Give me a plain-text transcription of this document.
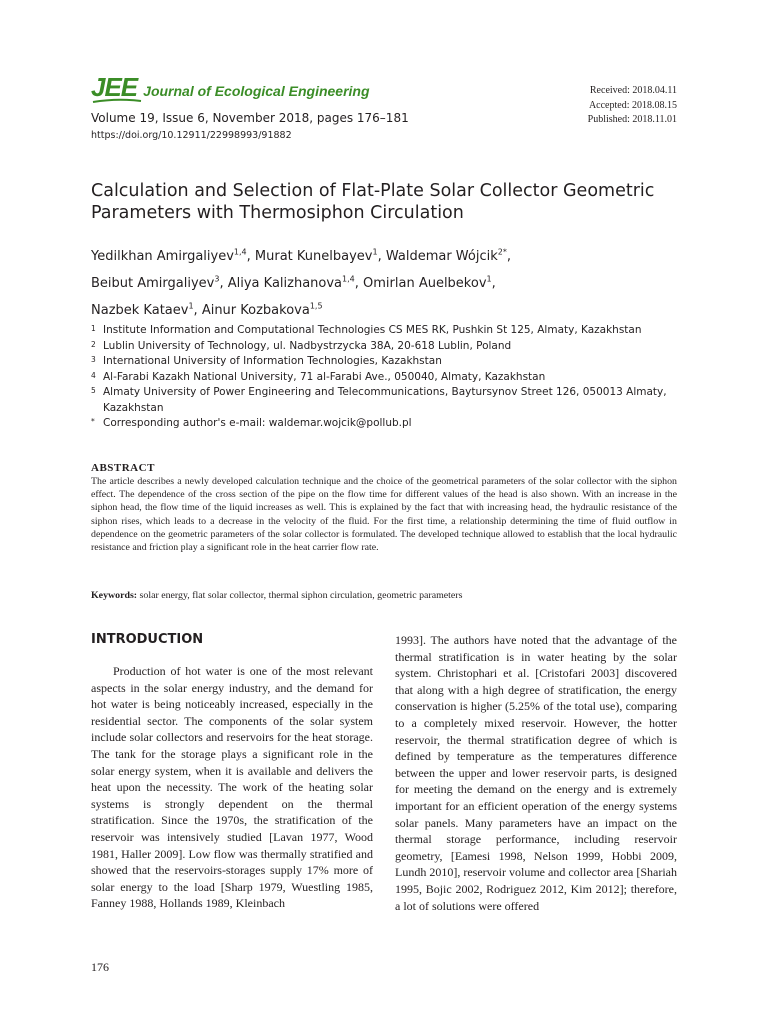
JEE Journal of Ecological Engineering
Volume 19, Issue 6, November 2018, pages 176–181
https://doi.org/10.12911/22998993/91882
Received: 2018.04.11
Accepted: 2018.08.15
Published: 2018.11.01
Calculation and Selection of Flat-Plate Solar Collector Geometric Parameters with Thermosiphon Circulation
Yedilkhan Amirgaliyev$^{1,4}$, Murat Kunelbayev$^1$, Waldemar Wójcik$^{2*}$,
Beibut Amirgaliyev$^3$, Aliya Kalizhanova$^{1,4}$, Omirlan Auelbekov$^1$,
Nazbek Kataev$^1$, Ainur Kozbakova$^{1,5}$
1 Institute Information and Computational Technologies CS MES RK, Pushkin St 125, Almaty, Kazakhstan
2 Lublin University of Technology, ul. Nadbystrzycka 38A, 20-618 Lublin, Poland
3 International University of Information Technologies, Kazakhstan
4 Al-Farabi Kazakh National University, 71 al-Farabi Ave., 050040, Almaty, Kazakhstan
5 Almaty University of Power Engineering and Telecommunications, Baytursynov Street 126, 050013 Almaty, Kazakhstan
* Corresponding author's e-mail: waldemar.wojcik@pollub.pl
ABSTRACT
The article describes a newly developed calculation technique and the choice of the geometrical parameters of the solar collector with the siphon effect. The dependence of the cross section of the pipe on the flow time for different values of the head is also shown. With an increase in the siphon head, the flow time of the liquid increases as well. This is explained by the fact that with increasing head, the hydraulic resistance of the siphon rises, which leads to a decrease in the velocity of the fluid. For the first time, a relationship determining the time of fluid outflow in dependence on the geometric parameters of the solar collector is formulated. The developed technique allowed to establish that the local hydraulic resistance and friction play a significant role in the heat carrier flow rate.
Keywords: solar energy, flat solar collector, thermal siphon circulation, geometric parameters
INTRODUCTION
Production of hot water is one of the most relevant aspects in the solar energy industry, and the demand for hot water is being noticeably increased, especially in the residential sector. The components of the solar system include solar collectors and reservoirs for the heat storage. The tank for the storage plays a significant role in the solar energy system, when it is available and delivers the heat upon the necessity. The work of the heating solar systems is strongly dependent on the thermal stratification. Since the 1970s, the stratification of the reservoir was intensively studied [Lavan 1977, Wood 1981, Haller 2009]. Low flow was thermally stratified and showed that the reservoirs-storages supply 17% more of solar energy to the load [Sharp 1979, Wuestling 1985, Fanney 1988, Hollands 1989, Kleinbach
1993]. The authors have noted that the advantage of the thermal stratification is in water heating by the solar system. Christophari et al. [Cristofari 2003] discovered that along with a high degree of stratification, the energy conservation is higher (5.25% of the total use), comparing to a completely mixed reservoir. However, the hotter reservoir, the thermal stratification degree of which is defined by temperature as the temperatures difference between the upper and lower reservoir parts, is designed for meeting the demand on the energy and is extremely important for an efficient operation of the energy systems solar panels. Many parameters have an impact on the thermal storage performance, including reservoir geometry, [Eamesi 1998, Nelson 1999, Hobbi 2009, Lundh 2010], reservoir volume and collector area [Shariah 1995, Bojic 2002, Rodriguez 2012, Kim 2012]; therefore, a lot of solutions were offered
176
